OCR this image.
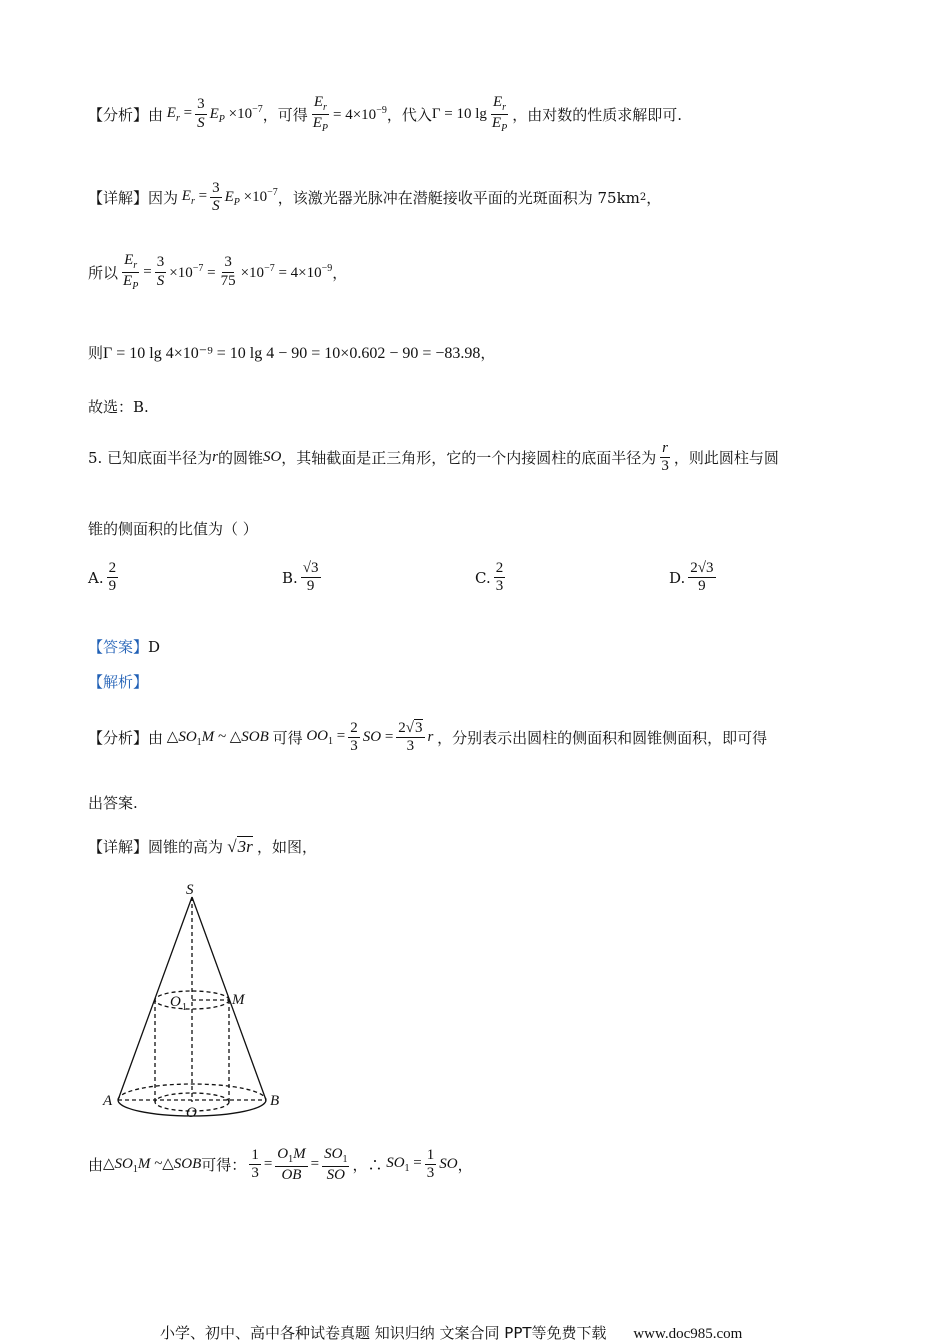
【分析】 由 $E_r = \frac{3}{S} E_P \times 10^{-7}$ ，可得 $\frac{E_r}{E_P} = 4\times 10^{-9}$ ，代入 Γ = 10 $\lg \frac{E_r}{E_P}$ ，由对数的性质求解即可.
【详解】 因为 $E_r = \frac{3}{S} E_P \times 10^{-7}$ ，该激光器光脉冲在潜艇接收平面的光斑面积为 75km 2 ，
所以 $\frac{E_r}{E_P} = \frac{3}{S} \times 10^{-7} = \frac{3}{75} \times 10^{-7} = 4\times 10^{-9}$ ，
则 Γ = 10 lg 4×10⁻⁹ = 10 lg 4 − 90 = 10×0.602 − 90 = −83.98 ，
故选：B.
5. 已知底面半径为 r 的圆锥 SO ，其轴截面是正三角形，它的一个内接圆柱的底面半径为 $\frac{r}{3}$ ，则此圆柱与圆
锥的侧面积的比值为（ ）
A. $\frac{2}{9}$	B. $\frac{√3}{9}$	C. $\frac{2}{3}$	D. $\frac{2√3}{9}$
【答案】 D
【解析】
【分析】 由 $\triangle SO_1M$ ~ △SOB 可得 $OO_1 = \frac{2}{3}$ SO = $\frac{2√3}{3}$ r ，分别表示出圆柱的侧面积和圆锥侧面积，即可得
出答案.
【详解】 圆锥的高为 √3r ，如图，
S
O 1	M
A
O
B
由 $\triangle SO_1M$ ~△SOB 可得： $\frac{1}{3} = \frac{O_1M}{OB} = \frac{SO_1}{SO}$ ，∴ $SO_1 = \frac{1}{3}$ SO ，
小学、初中、高中各种试卷真题 知识归纳 文案合同 PPT等免费下载 www.doc985.com
